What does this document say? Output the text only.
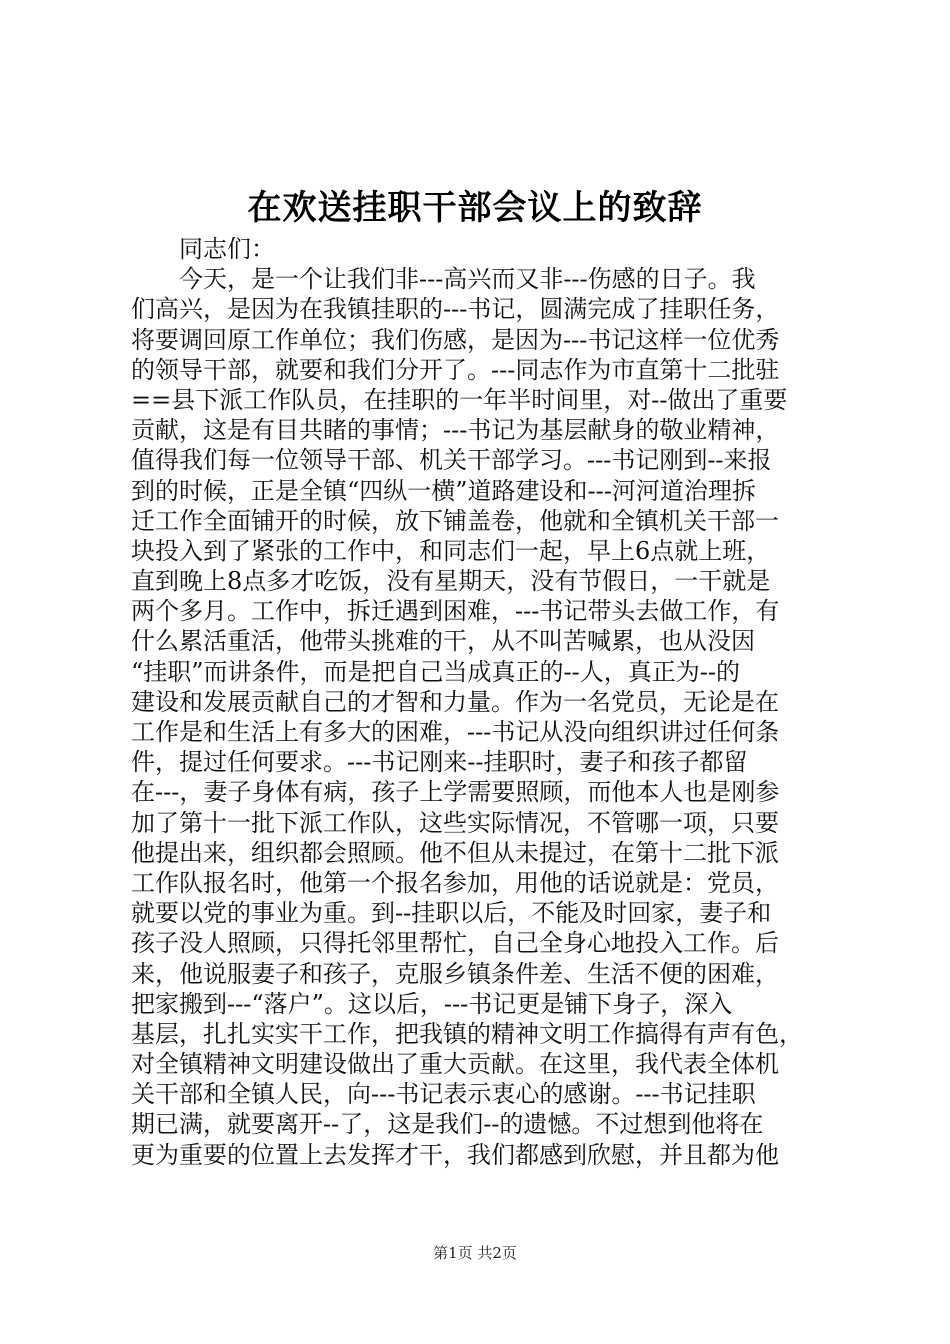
在欢送挂职干部会议上的致辞
同志们：
今天，是一个让我们非---高兴而又非---伤感的日子。我
们高兴，是因为在我镇挂职的---书记，圆满完成了挂职任务，
将要调回原工作单位；我们伤感，是因为---书记这样一位优秀
的领导干部，就要和我们分开了。---同志作为市直第十二批驻
==县下派工作队员，在挂职的一年半时间里，对--做出了重要
贡献，这是有目共睹的事情；---书记为基层献身的敬业精神，
值得我们每一位领导干部、机关干部学习。---书记刚到--来报
到的时候，正是全镇“四纵一横”道路建设和---河河道治理拆
迁工作全面铺开的时候，放下铺盖卷，他就和全镇机关干部一
块投入到了紧张的工作中，和同志们一起，早上6点就上班，
直到晚上8点多才吃饭，没有星期天，没有节假日，一干就是
两个多月。工作中，拆迁遇到困难，---书记带头去做工作，有
什么累活重活，他带头挑难的干，从不叫苦喊累，也从没因
“挂职”而讲条件，而是把自己当成真正的--人，真正为--的
建设和发展贡献自己的才智和力量。作为一名党员，无论是在
工作是和生活上有多大的困难，---书记从没向组织讲过任何条
件，提过任何要求。---书记刚来--挂职时，妻子和孩子都留
在---，妻子身体有病，孩子上学需要照顾，而他本人也是刚参
加了第十一批下派工作队，这些实际情况，不管哪一项，只要
他提出来，组织都会照顾。他不但从未提过，在第十二批下派
工作队报名时，他第一个报名参加，用他的话说就是：党员，
就要以党的事业为重。到--挂职以后，不能及时回家，妻子和
孩子没人照顾，只得托邻里帮忙，自己全身心地投入工作。后
来，他说服妻子和孩子，克服乡镇条件差、生活不便的困难，
把家搬到---“落户”。这以后，---书记更是铺下身子，深入
基层，扎扎实实干工作，把我镇的精神文明工作搞得有声有色，
对全镇精神文明建设做出了重大贡献。在这里，我代表全体机
关干部和全镇人民，向---书记表示衷心的感谢。---书记挂职
期已满，就要离开--了，这是我们--的遗憾。不过想到他将在
更为重要的位置上去发挥才干，我们都感到欣慰，并且都为他
第1页 共2页
